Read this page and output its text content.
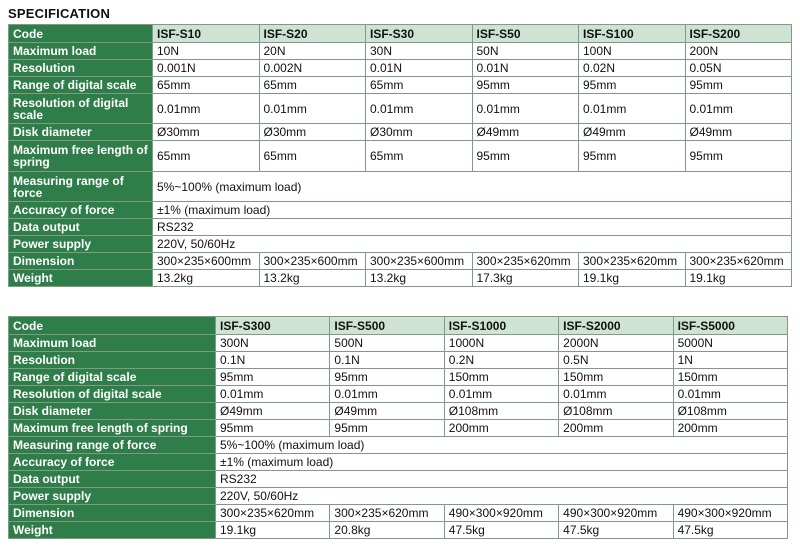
SPECIFICATION
Code	ISF-S10	ISF-S20	ISF-S30	ISF-S50	ISF-S100	ISF-S200
Maximum load	10N	20N	30N	50N	100N	200N
Resolution	0.001N	0.002N	0.01N	0.01N	0.02N	0.05N
Range of digital scale	65mm	65mm	65mm	95mm	95mm	95mm
Resolution of digital scale	0.01mm	0.01mm	0.01mm	0.01mm	0.01mm	0.01mm
Disk diameter	Ø30mm	Ø30mm	Ø30mm	Ø49mm	Ø49mm	Ø49mm
Maximum free length of spring	65mm	65mm	65mm	95mm	95mm	95mm
Measuring range of force	5%~100% (maximum load)					
Accuracy of force	±1% (maximum load)					
Data output	RS232					
Power supply	220V, 50/60Hz					
Dimension	300×235×600mm	300×235×600mm	300×235×600mm	300×235×620mm	300×235×620mm	300×235×620mm
Weight	13.2kg	13.2kg	13.2kg	17.3kg	19.1kg	19.1kg
Code	ISF-S300	ISF-S500	ISF-S1000	ISF-S2000	ISF-S5000
Maximum load	300N	500N	1000N	2000N	5000N
Resolution	0.1N	0.1N	0.2N	0.5N	1N
Range of digital scale	95mm	95mm	150mm	150mm	150mm
Resolution of digital scale	0.01mm	0.01mm	0.01mm	0.01mm	0.01mm
Disk diameter	Ø49mm	Ø49mm	Ø108mm	Ø108mm	Ø108mm
Maximum free length of spring	95mm	95mm	200mm	200mm	200mm
Measuring range of force	5%~100% (maximum load)				
Accuracy of force	±1% (maximum load)				
Data output	RS232				
Power supply	220V, 50/60Hz				
Dimension	300×235×620mm	300×235×620mm	490×300×920mm	490×300×920mm	490×300×920mm
Weight	19.1kg	20.8kg	47.5kg	47.5kg	47.5kg
